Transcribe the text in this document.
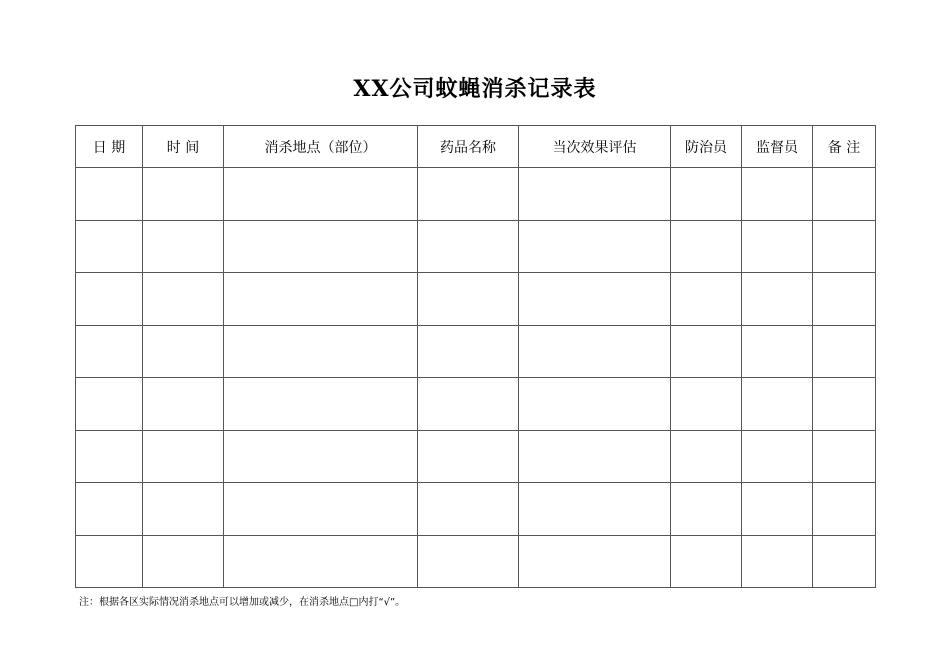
XX公司蚊蝇消杀记录表
日 期	时 间	消杀地点（部位）	药品名称	当次效果评估	防治员	监督员	备 注

注：根据各区实际情况消杀地点可以增加或减少，在消杀地点□内打“√”。
